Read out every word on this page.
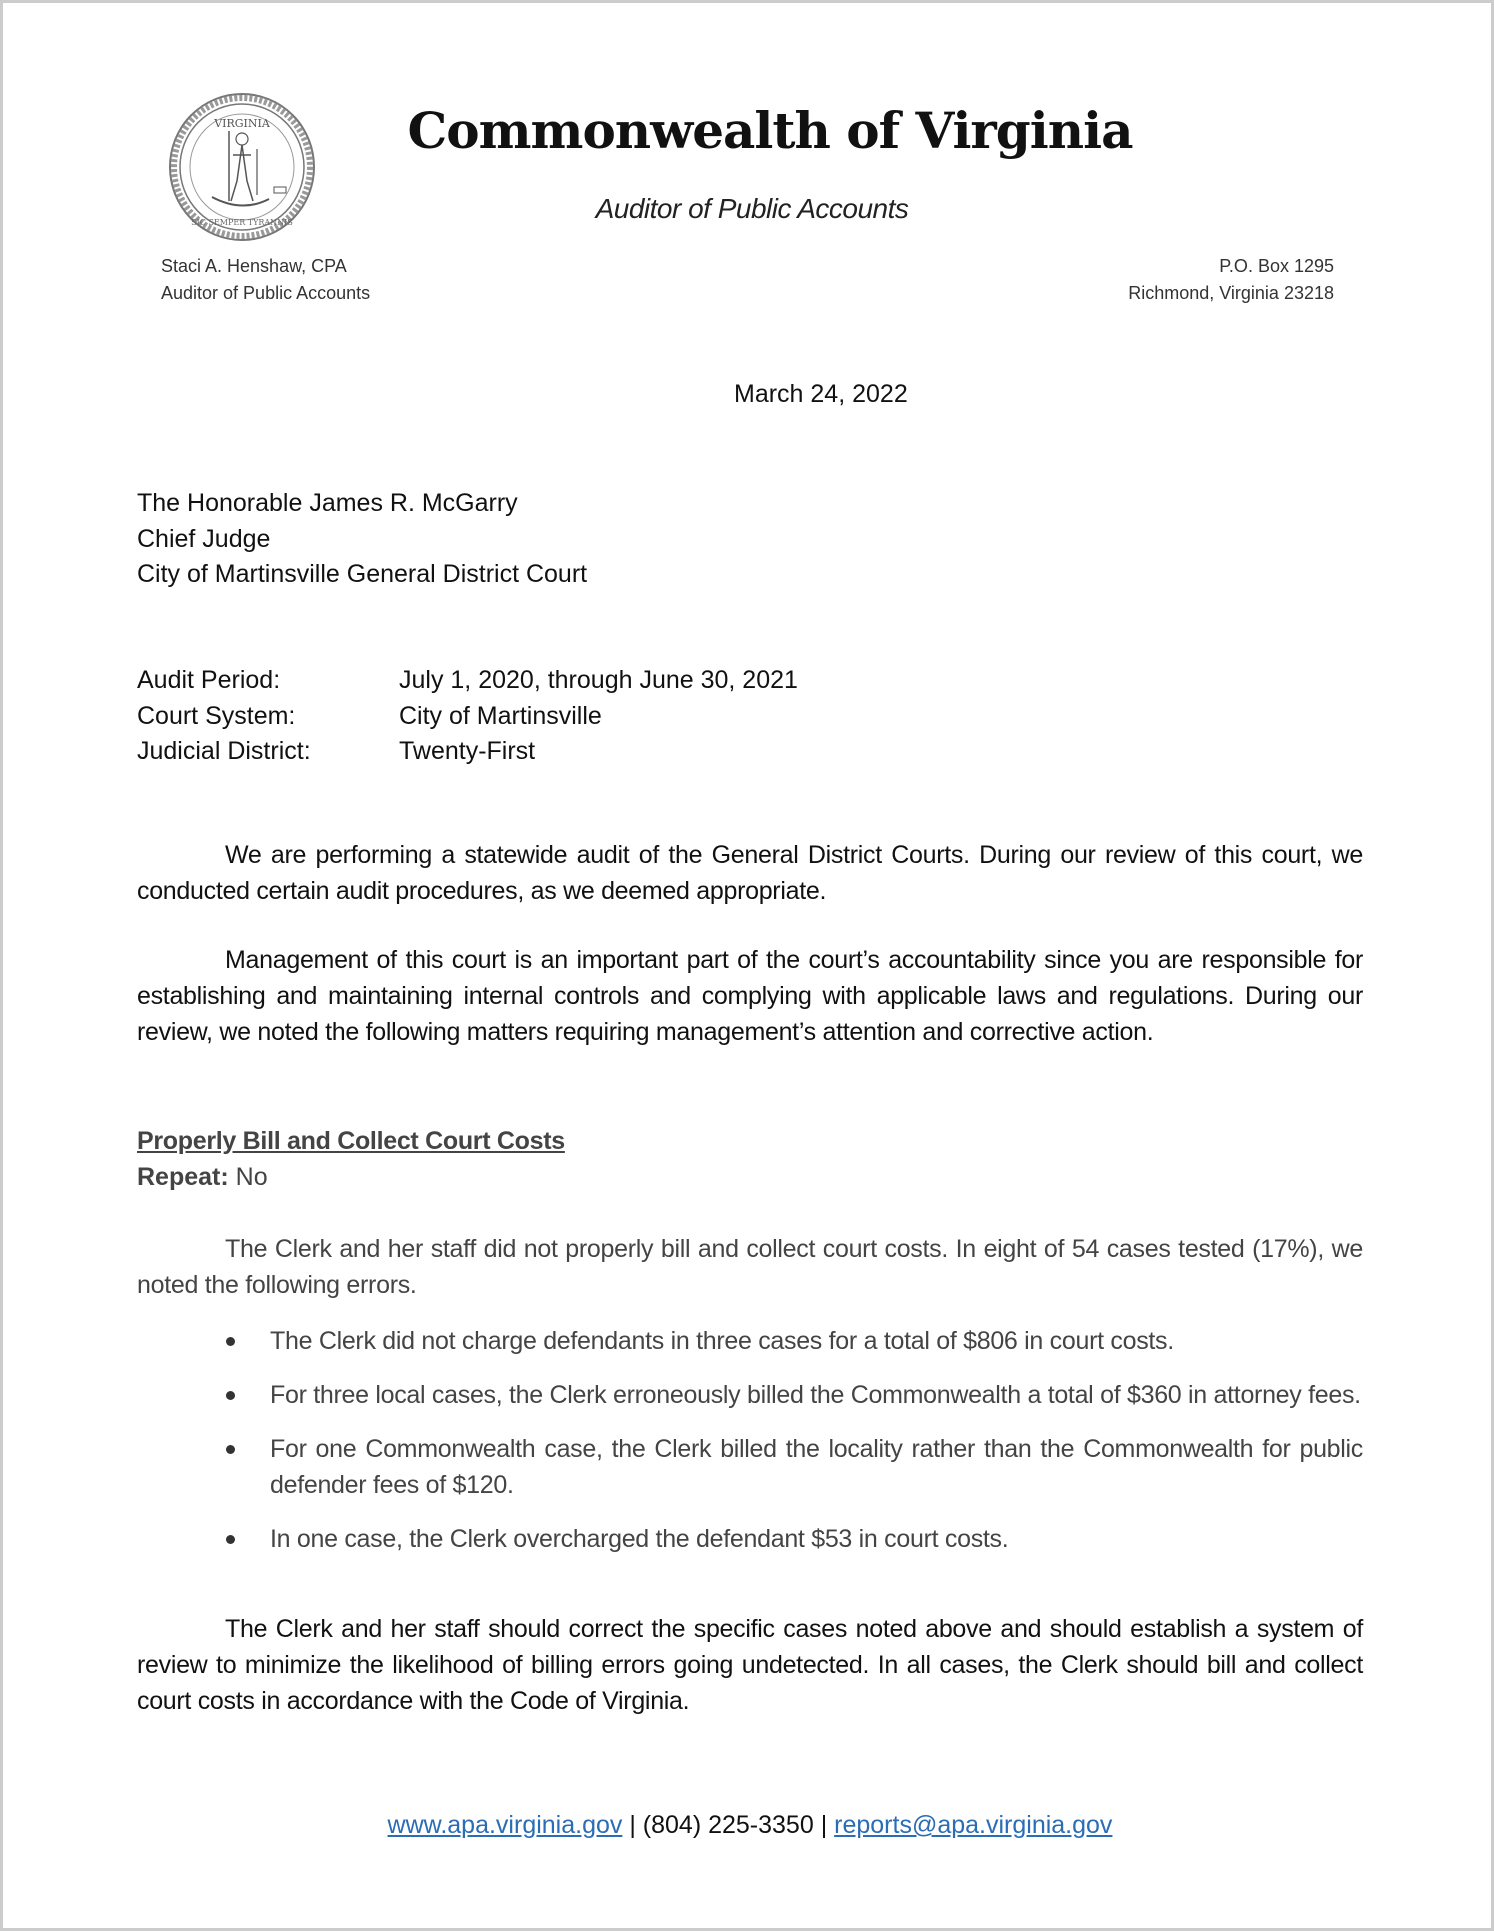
VIRGINIA
SIC SEMPER TYRANNIS
Commonwealth of Virginia
Auditor of Public Accounts
Staci A. Henshaw, CPA
Auditor of Public Accounts
P.O. Box 1295
Richmond, Virginia 23218
March 24, 2022
The Honorable James R. McGarry
Chief Judge
City of Martinsville General District Court
Audit Period:	July 1, 2020, through June 30, 2021
Court System:	City of Martinsville
Judicial District:	Twenty-First
We are performing a statewide audit of the General District Courts. During our review of this court, we conducted certain audit procedures, as we deemed appropriate.
Management of this court is an important part of the court’s accountability since you are responsible for establishing and maintaining internal controls and complying with applicable laws and regulations. During our review, we noted the following matters requiring management’s attention and corrective action.
Properly Bill and Collect Court Costs
Repeat: No
The Clerk and her staff did not properly bill and collect court costs. In eight of 54 cases tested (17%), we noted the following errors.
The Clerk did not charge defendants in three cases for a total of $806 in court costs.
For three local cases, the Clerk erroneously billed the Commonwealth a total of $360 in attorney fees.
For one Commonwealth case, the Clerk billed the locality rather than the Commonwealth for public defender fees of $120.
In one case, the Clerk overcharged the defendant $53 in court costs.
The Clerk and her staff should correct the specific cases noted above and should establish a system of review to minimize the likelihood of billing errors going undetected. In all cases, the Clerk should bill and collect court costs in accordance with the Code of Virginia.
www.apa.virginia.gov | (804) 225-3350 | reports@apa.virginia.gov
